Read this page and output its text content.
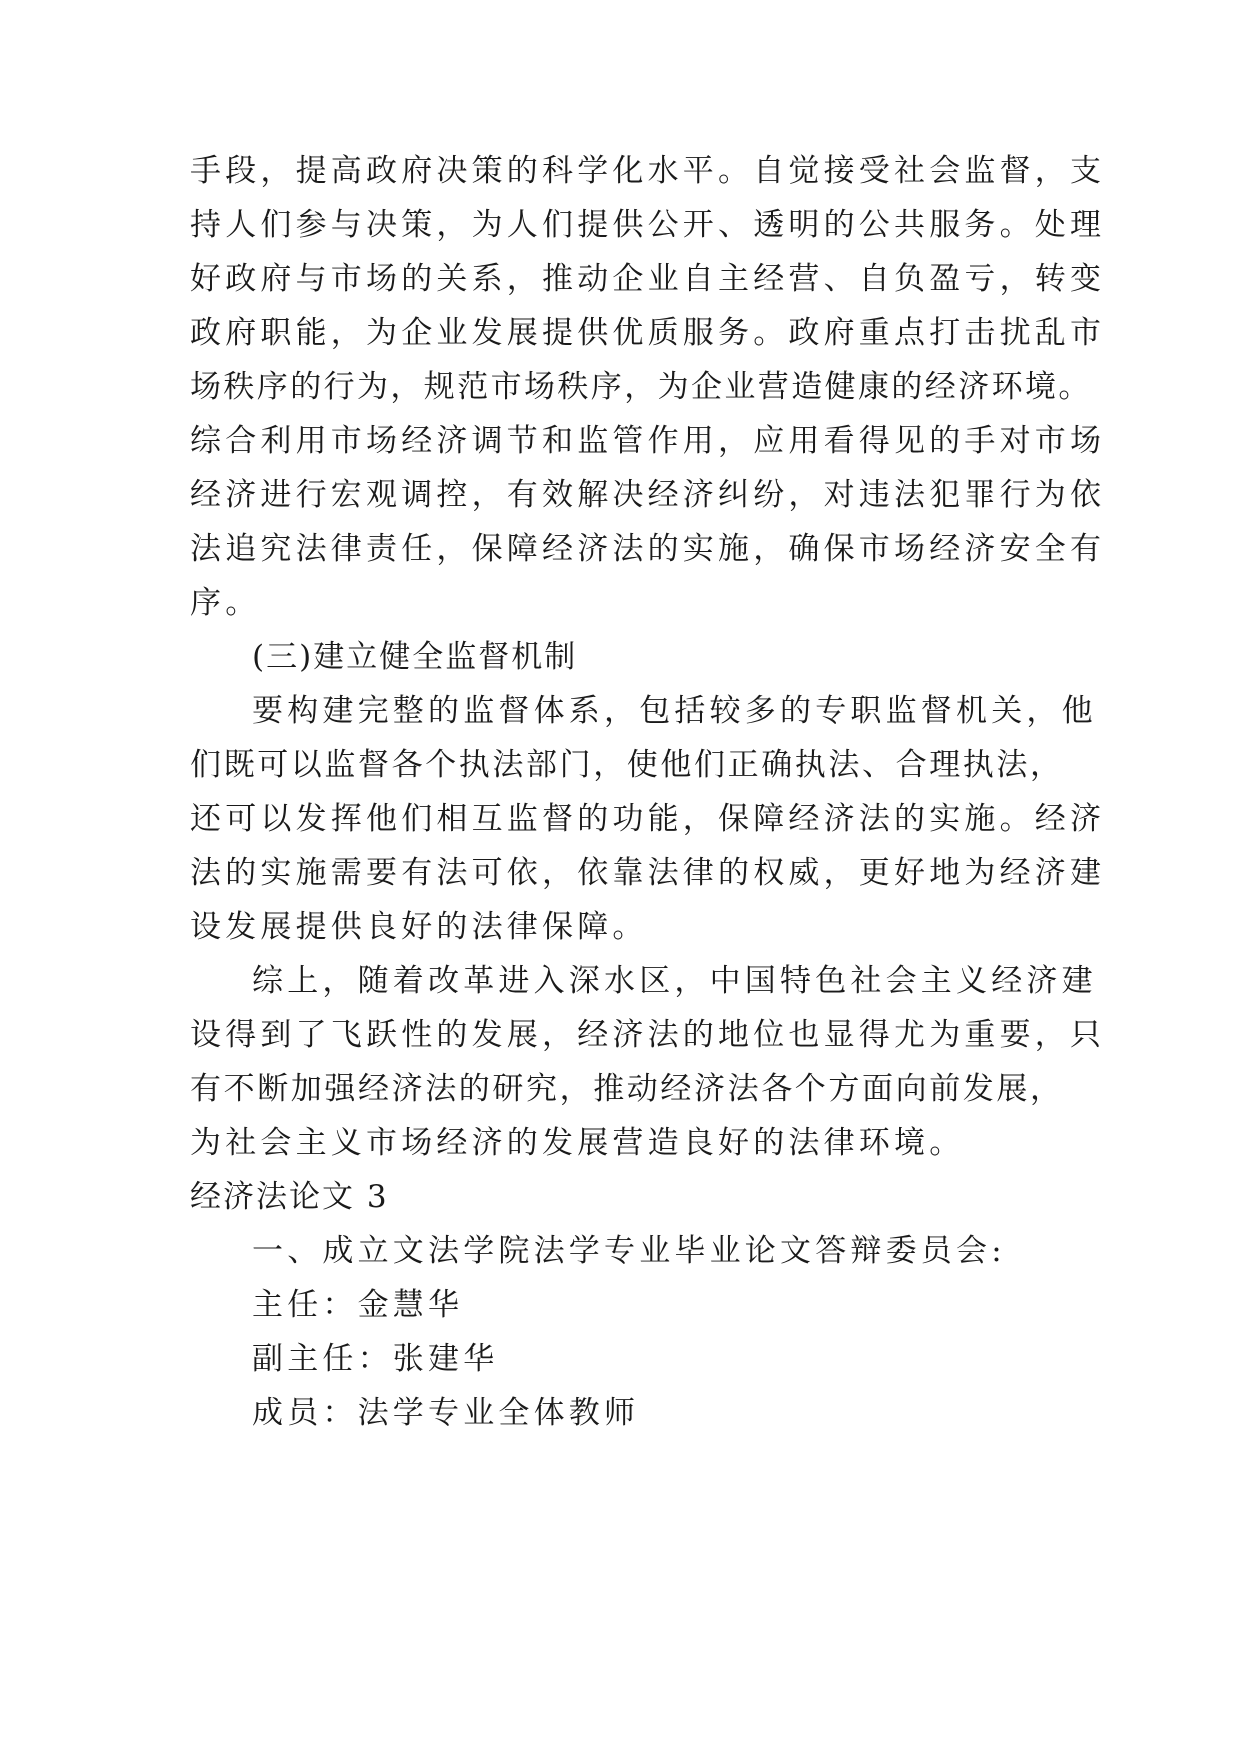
手段，提高政府决策的科学化水平。自觉接受社会监督，支
持人们参与决策，为人们提供公开、透明的公共服务。处理
好政府与市场的关系，推动企业自主经营、自负盈亏，转变
政府职能，为企业发展提供优质服务。政府重点打击扰乱市
场秩序的行为，规范市场秩序，为企业营造健康的经济环境。
综合利用市场经济调节和监管作用，应用看得见的手对市场
经济进行宏观调控，有效解决经济纠纷，对违法犯罪行为依
法追究法律责任，保障经济法的实施，确保市场经济安全有
序。
(三)建立健全监督机制
要构建完整的监督体系，包括较多的专职监督机关，他
们既可以监督各个执法部门，使他们正确执法、合理执法，
还可以发挥他们相互监督的功能，保障经济法的实施。经济
法的实施需要有法可依，依靠法律的权威，更好地为经济建
设发展提供良好的法律保障。
综上，随着改革进入深水区，中国特色社会主义经济建
设得到了飞跃性的发展，经济法的地位也显得尤为重要，只
有不断加强经济法的研究，推动经济法各个方面向前发展，
为社会主义市场经济的发展营造良好的法律环境。
经济法论文 3
一、成立文法学院法学专业毕业论文答辩委员会:
主任：金慧华
副主任：张建华
成员：法学专业全体教师
